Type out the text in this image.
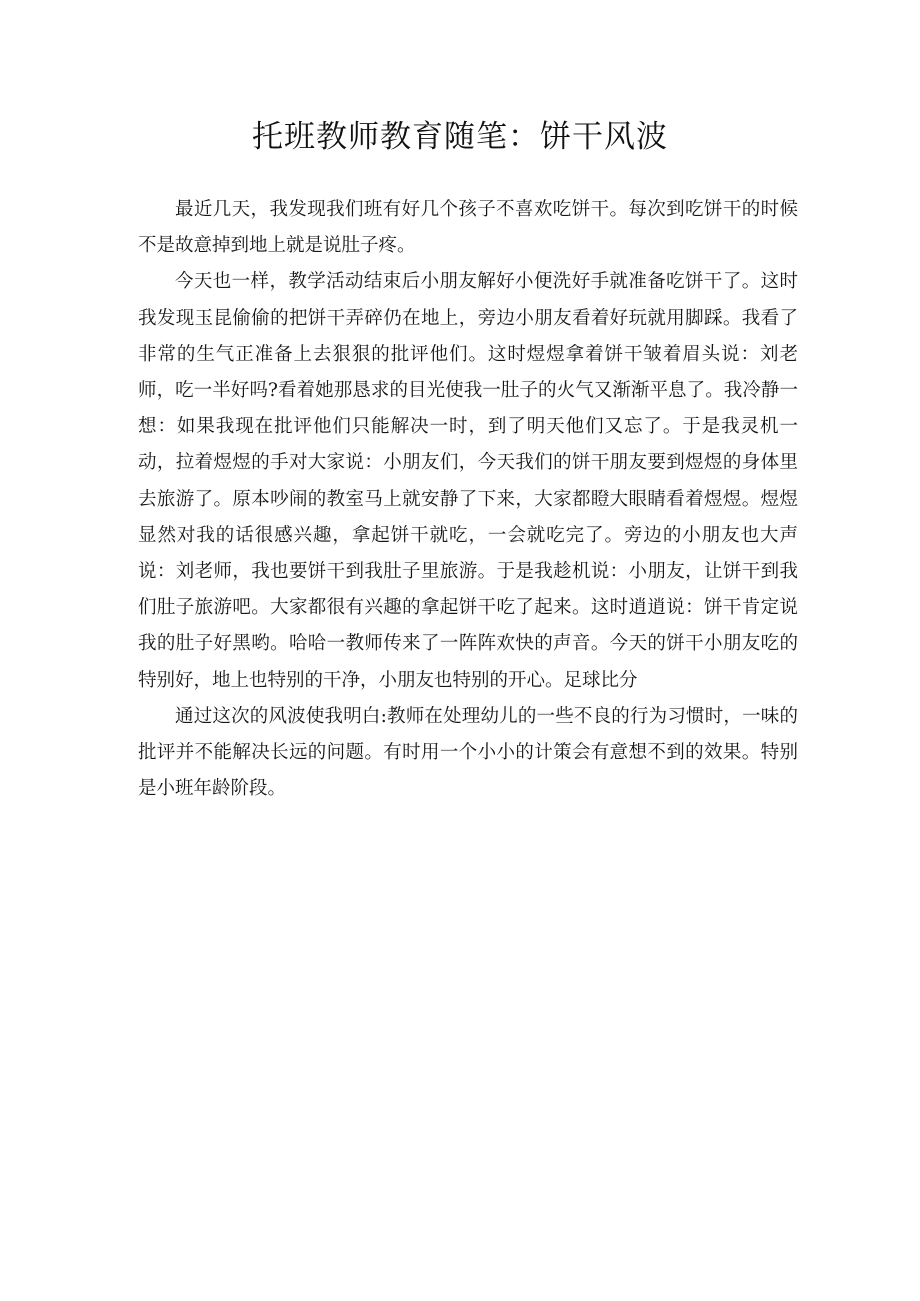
托班教师教育随笔：饼干风波

最近几天，我发现我们班有好几个孩子不喜欢吃饼干。每次到吃饼干的时候不是故意掉到地上就是说肚子疼。

今天也一样，教学活动结束后小朋友解好小便洗好手就准备吃饼干了。这时我发现玉昆偷偷的把饼干弄碎仍在地上，旁边小朋友看着好玩就用脚踩。我看了非常的生气正准备上去狠狠的批评他们。这时煜煜拿着饼干皱着眉头说：刘老师，吃一半好吗?看着她那恳求的目光使我一肚子的火气又渐渐平息了。我冷静一想：如果我现在批评他们只能解决一时，到了明天他们又忘了。于是我灵机一动，拉着煜煜的手对大家说：小朋友们，今天我们的饼干朋友要到煜煜的身体里去旅游了。原本吵闹的教室马上就安静了下来，大家都瞪大眼睛看着煜煜。煜煜显然对我的话很感兴趣，拿起饼干就吃，一会就吃完了。旁边的小朋友也大声说：刘老师，我也要饼干到我肚子里旅游。于是我趁机说：小朋友，让饼干到我们肚子旅游吧。大家都很有兴趣的拿起饼干吃了起来。这时逍逍说：饼干肯定说我的肚子好黑哟。哈哈一教师传来了一阵阵欢快的声音。今天的饼干小朋友吃的特别好，地上也特别的干净，小朋友也特别的开心。足球比分

通过这次的风波使我明白:教师在处理幼儿的一些不良的行为习惯时，一味的批评并不能解决长远的问题。有时用一个小小的计策会有意想不到的效果。特别是小班年龄阶段。
